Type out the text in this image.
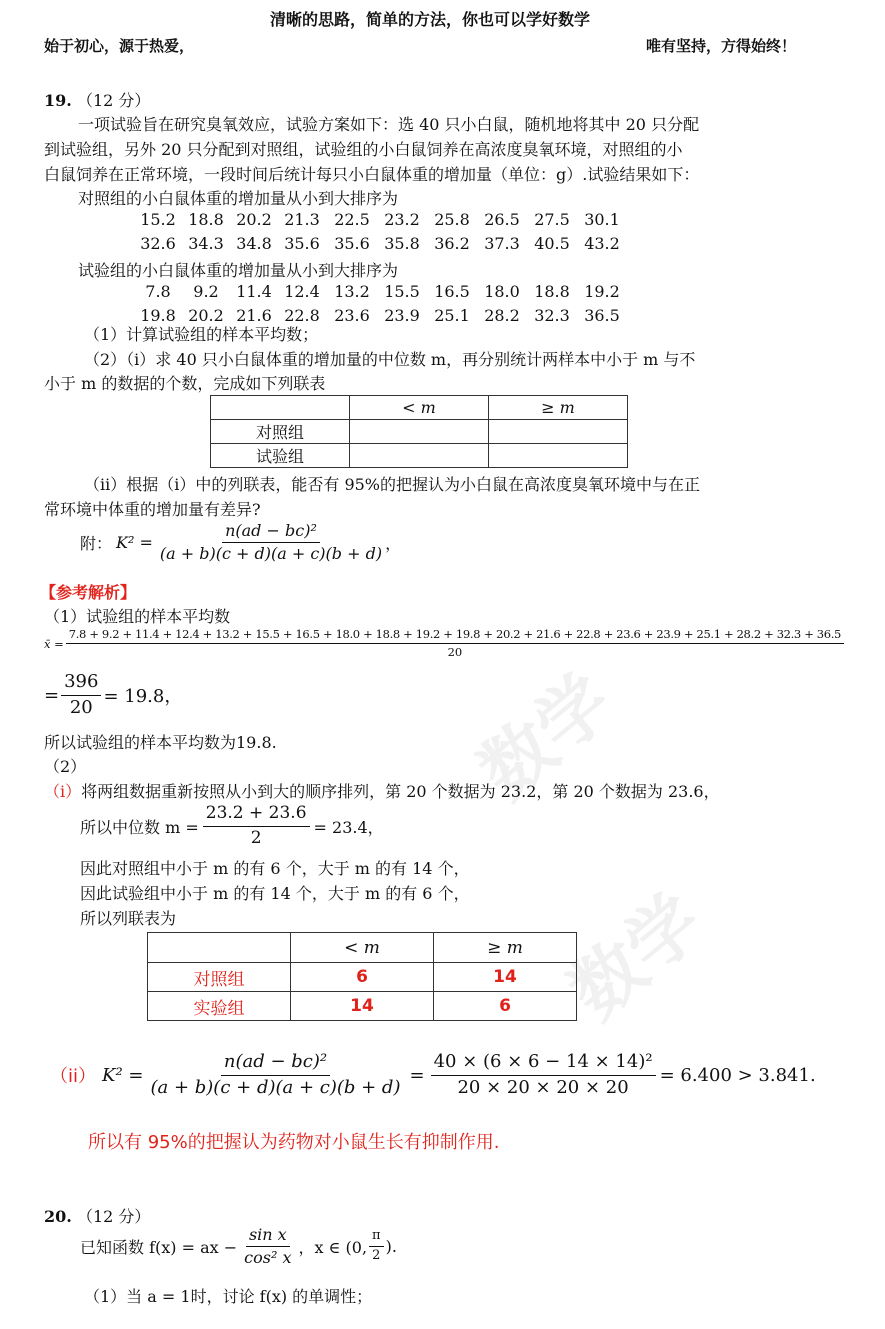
数学
数学
清晰的思路，简单的方法，你也可以学好数学
始于初心，源于热爱，	唯有坚持，方得始终！
19. （12 分）
一项试验旨在研究臭氧效应，试验方案如下：选 40 只小白鼠，随机地将其中 20 只分配
到试验组，另外 20 只分配到对照组，试验组的小白鼠饲养在高浓度臭氧环境，对照组的小
白鼠饲养在正常环境，一段时间后统计每只小白鼠体重的增加量（单位：g）.试验结果如下：
对照组的小白鼠体重的增加量从小到大排序为
15.2 18.8 20.2 21.3 22.5 23.2 25.8 26.5 27.5 30.1
32.6 34.3 34.8 35.6 35.6 35.8 36.2 37.3 40.5 43.2
试验组的小白鼠体重的增加量从小到大排序为
7.8	9.2	11.4 12.4 13.2 15.5 16.5 18.0 18.8 19.2
19.8 20.2 21.6 22.8 23.6 23.9 25.1 28.2 32.3 36.5
（1）计算试验组的样本平均数；
（2）（i）求 40 只小白鼠体重的增加量的中位数 m，再分别统计两样本中小于 m 与不
小于 m 的数据的个数，完成如下列联表
	< m	≥ m
对照组		
试验组		
（ii）根据（i）中的列联表，能否有 95%的把握认为小白鼠在高浓度臭氧环境中与在正
常环境中体重的增加量有差异?
附： $K^2 = \frac{\text{n(ad − bc)²}}{(a + b)(c + d)(a + c)(b + d)}$ ，
【参考解析】
（1）试验组的样本平均数
x̄ =
7.8 + 9.2 + 11.4 + 12.4 + 13.2 + 15.5 + 16.5 + 18.0 + 18.8 + 19.2 + 19.8 + 20.2 + 21.6 + 22.8 + 23.6 + 23.9 + 25.1 + 28.2 + 32.3 + 36.5
20
= $\frac{396}{20} = 19.8$，
所以试验组的样本平均数为19.8.
（2）
（i）将两组数据重新按照从小到大的顺序排列，第 20 个数据为 23.2，第 20 个数据为 23.6，
所以中位数 $m = \frac{23.2 + 23.6}{2} = 23.4$，
因此对照组中小于 m 的有 6 个，大于 m 的有 14 个，
因此试验组中小于 m 的有 14 个，大于 m 的有 6 个，
所以列联表为
	< m	≥ m
对照组	6	14
实验组	14	6
（ii） $K^2 = \frac{\text{n(ad − bc)²}}{(a + b)(c + d)(a + c)(b + d)} = \frac{\text{40 × (6 × 6 − 14 × 14)²}}{20 \times 20 \times 20 \times 20} = 6.400 > 3.841$.
所以有 95%的把握认为药物对小鼠生长有抑制作用.
20. （12 分）
已知函数 f(x) = ax − $\frac{\text{sin x}}{\text{cos² x}}$ ，x ∈ (0, $\frac{\pi}{2}$ ).
（1）当 a = 1时，讨论 f(x) 的单调性；
